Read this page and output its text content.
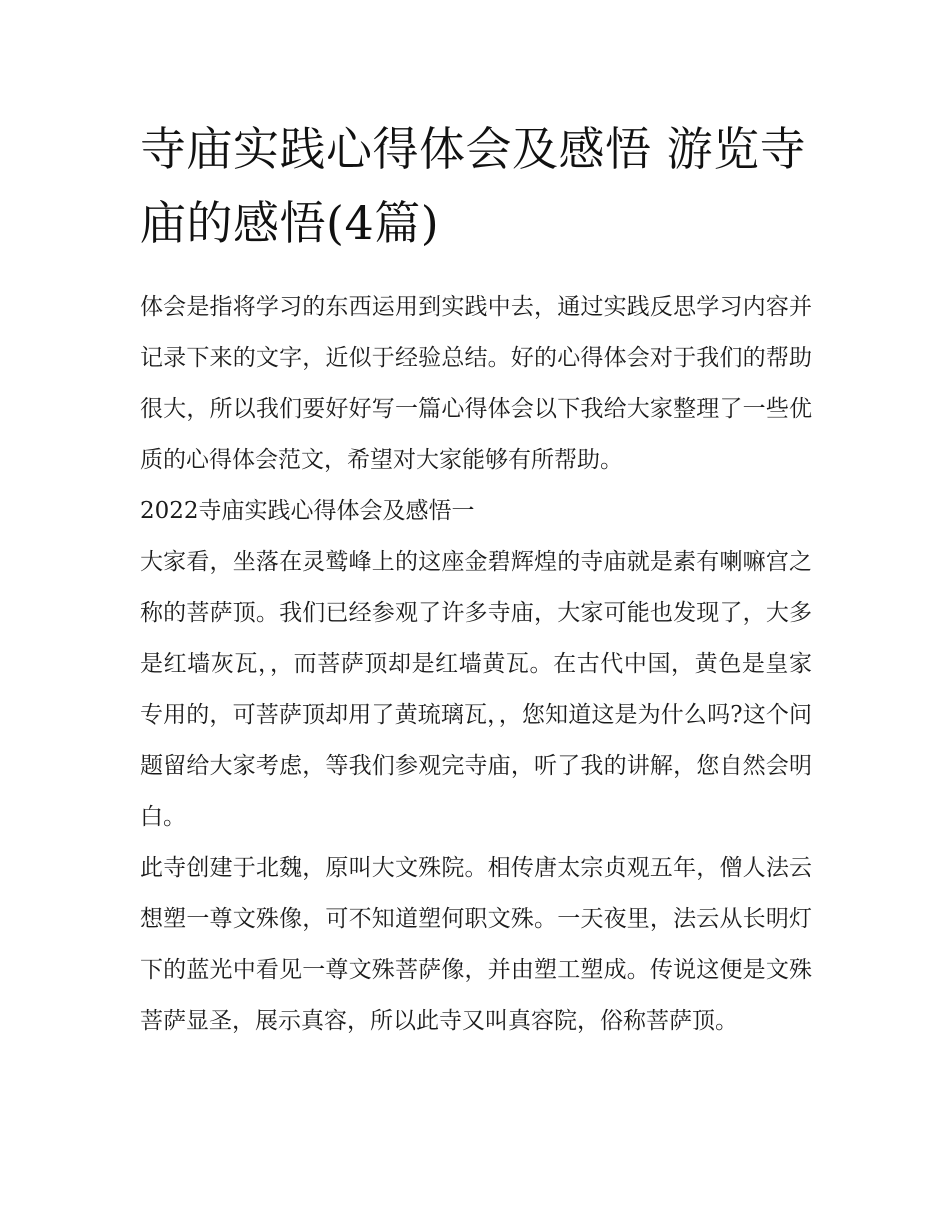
寺庙实践心得体会及感悟 游览寺庙的感悟(4篇)

体会是指将学习的东西运用到实践中去，通过实践反思学习内容并记录下来的文字，近似于经验总结。好的心得体会对于我们的帮助很大，所以我们要好好写一篇心得体会以下我给大家整理了一些优质的心得体会范文，希望对大家能够有所帮助。

2022寺庙实践心得体会及感悟一

大家看，坐落在灵鹫峰上的这座金碧辉煌的寺庙就是素有喇嘛宫之称的菩萨顶。我们已经参观了许多寺庙，大家可能也发现了，大多是红墙灰瓦，，而菩萨顶却是红墙黄瓦。在古代中国，黄色是皇家专用的，可菩萨顶却用了黄琉璃瓦，，您知道这是为什么吗?这个问题留给大家考虑，等我们参观完寺庙，听了我的讲解，您自然会明白。

此寺创建于北魏，原叫大文殊院。相传唐太宗贞观五年，僧人法云想塑一尊文殊像，可不知道塑何职文殊。一天夜里，法云从长明灯下的蓝光中看见一尊文殊菩萨像，并由塑工塑成。传说这便是文殊菩萨显圣，展示真容，所以此寺又叫真容院，俗称菩萨顶。
